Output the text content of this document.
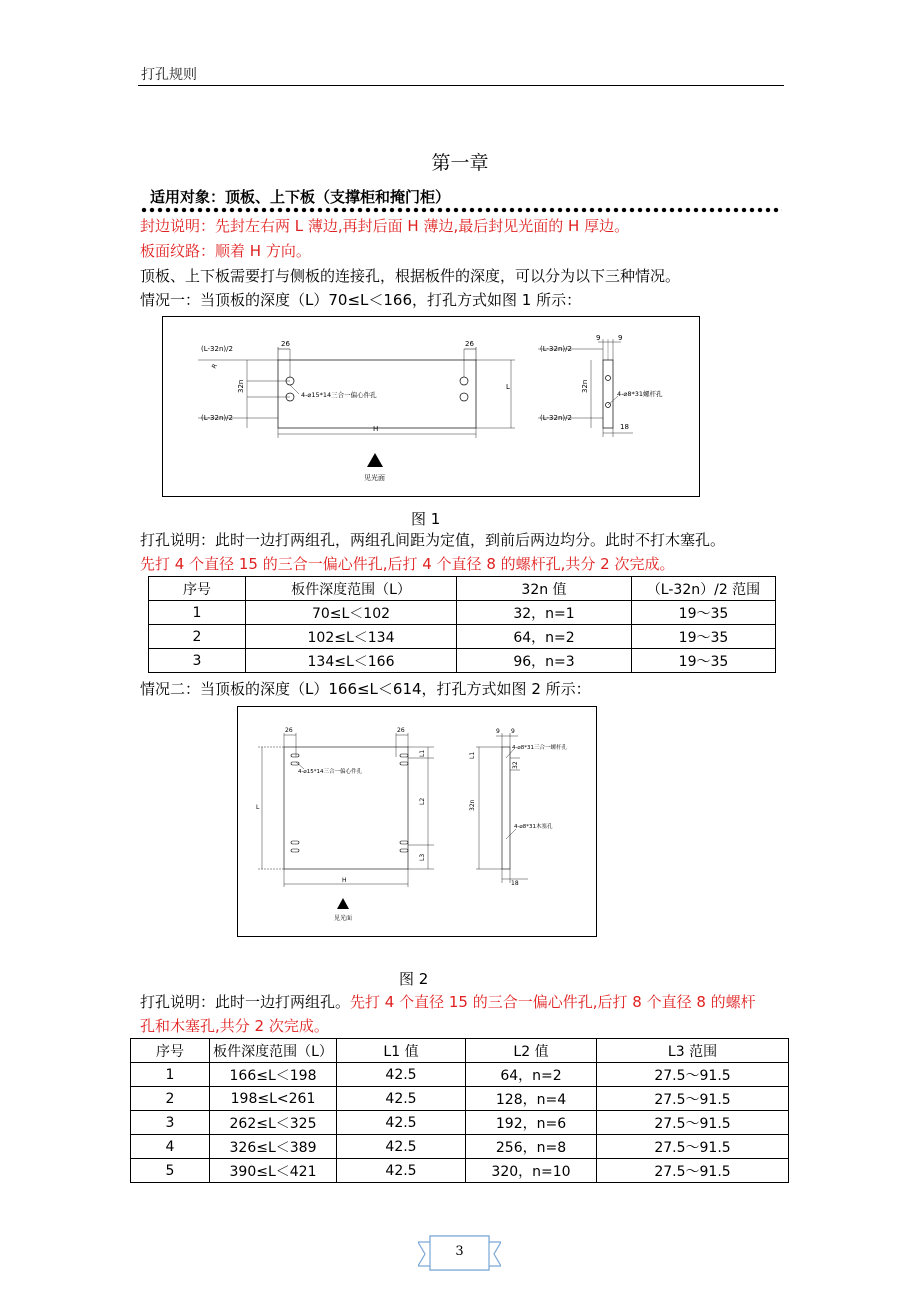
打孔规则
第一章
适用对象：顶板、上下板（支撑柜和掩门柜）
封边说明：先封左右两 L 薄边,再封后面 H 薄边,最后封见光面的 H 厚边。
板面纹路：顺着 H 方向。
顶板、上下板需要打与侧板的连接孔，根据板件的深度，可以分为以下三种情况。
情况一：当顶板的深度（L）70≤L＜166，打孔方式如图 1 所示：
26	26
(L-32n)/2
(L-32n)/2
32n
R
L
H
4-⌀15*14三合一偏心件孔
见光面
(L-32n)/2
(L-32n)/2
32n
9	9
18
4-⌀8*31螺杆孔
图 1
打孔说明：此时一边打两组孔，两组孔间距为定值，到前后两边均分。此时不打木塞孔。
先打 4 个直径 15 的三合一偏心件孔,后打 4 个直径 8 的螺杆孔,共分 2 次完成。
序号	板件深度范围（L）	32n 值	（L-32n）/2 范围
1	70≤L＜102	32，n=1	19～35
2	102≤L＜134	64，n=2	19～35
3	134≤L＜166	96，n=3	19～35
情况二：当顶板的深度（L）166≤L＜614，打孔方式如图 2 所示：
26	26
L
L1
L2
L3
H
4-⌀15*14三合一偏心件孔
见光面
9 9
L1
32n
32
18
4-⌀8*31三合一螺杆孔
4-⌀8*31木塞孔
图 2
打孔说明：此时一边打两组孔。先打 4 个直径 15 的三合一偏心件孔,后打 8 个直径 8 的螺杆
孔和木塞孔,共分 2 次完成。
序号	板件深度范围（L）	L1 值	L2 值	L3 范围
1	166≤L＜198	42.5	64，n=2	27.5～91.5
2	198≤L<261	42.5	128，n=4	27.5～91.5
3	262≤L＜325	42.5	192，n=6	27.5～91.5
4	326≤L＜389	42.5	256，n=8	27.5～91.5
5	390≤L＜421	42.5	320，n=10	27.5～91.5
3
